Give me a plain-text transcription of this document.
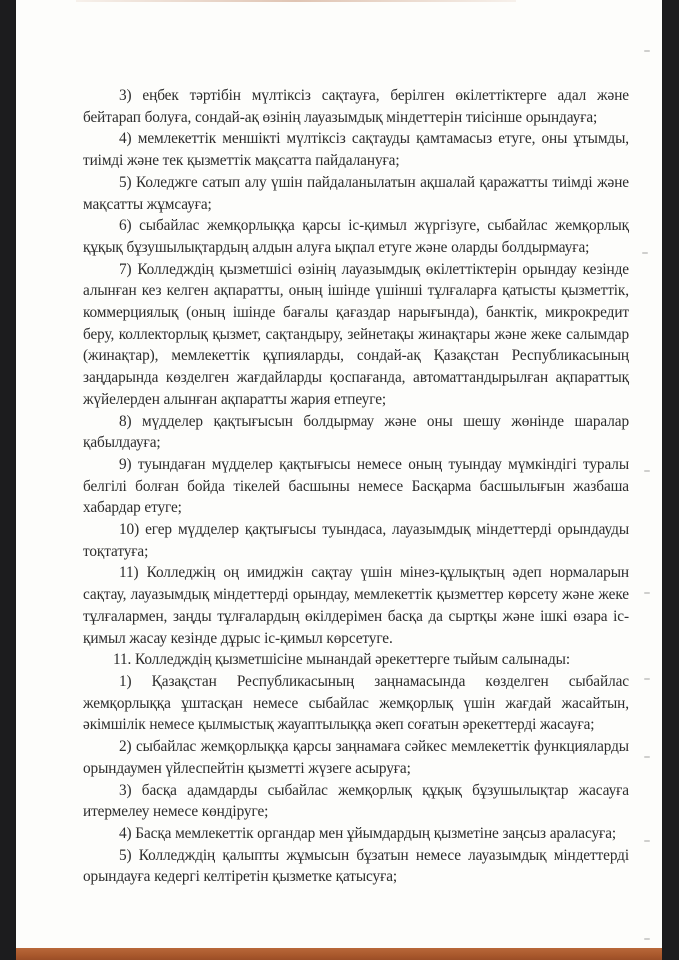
3) еңбек тәртібін мүлтіксіз сақтауға, берілген өкілеттіктерге адал және бейтарап болуға, сондай-ақ өзінің лауазымдық міндеттерін тиісінше орындауға;

4) мемлекеттік меншікті мүлтіксіз сақтауды қамтамасыз етуге, оны ұтымды, тиімді және тек қызметтік мақсатта пайдалануға;

5) Коледжге сатып алу үшін пайдаланылатын ақшалай қаражатты тиімді және мақсатты жұмсауға;

6) сыбайлас жемқорлыққа қарсы іс-қимыл жүргізуге, сыбайлас жемқорлық құқық бұзушылықтардың алдын алуға ықпал етуге және оларды болдырмауға;

7) Колледждің қызметшісі өзінің лауазымдық өкілеттіктерін орындау кезінде алынған кез келген ақпаратты, оның ішінде үшінші тұлғаларға қатысты қызметтік, коммерциялық (оның ішінде бағалы қағаздар нарығында), банктік, микрокредит беру, коллекторлық қызмет, сақтандыру, зейнетақы жинақтары және жеке салымдар (жинақтар), мемлекеттік құпияларды, сондай-ақ Қазақстан Республикасының заңдарында көзделген жағдайларды қоспағанда, автоматтандырылған ақпараттық жүйелерден алынған ақпаратты жария етпеуге;

8) мүдделер қақтығысын болдырмау және оны шешу жөнінде шаралар қабылдауға;

9) туындаған мүдделер қақтығысы немесе оның туындау мүмкіндігі туралы белгілі болған бойда тікелей басшыны немесе Басқарма басшылығын жазбаша хабардар етуге;

10) егер мүдделер қақтығысы туындаса, лауазымдық міндеттерді орындауды тоқтатуға;

11) Колледжің оң имиджін сақтау үшін мінез-құлықтың әдеп нормаларын сақтау, лауазымдық міндеттерді орындау, мемлекеттік қызметтер көрсету және жеке тұлғалармен, заңды тұлғалардың өкілдерімен басқа да сыртқы және ішкі өзара іс-қимыл жасау кезінде дұрыс іс-қимыл көрсетуге.

11. Колледждің қызметшісіне мынандай әрекеттерге тыйым салынады:

1) Қазақстан Республикасының заңнамасында көзделген сыбайлас жемқорлыққа ұштасқан немесе сыбайлас жемқорлық үшін жағдай жасайтын, әкімшілік немесе қылмыстық жауаптылыққа әкеп соғатын әрекеттерді жасауға;

2) сыбайлас жемқорлыққа қарсы заңнамаға сәйкес мемлекеттік функцияларды орындаумен үйлеспейтін қызметті жүзеге асыруға;

3) басқа адамдарды сыбайлас жемқорлық құқық бұзушылықтар жасауға итермелеу немесе көндіруге;

4) Басқа мемлекеттік органдар мен ұйымдардың қызметіне заңсыз араласуға;

5) Колледждің қалыпты жұмысын бұзатын немесе лауазымдық міндеттерді орындауға кедергі келтіретін қызметке қатысуға;
